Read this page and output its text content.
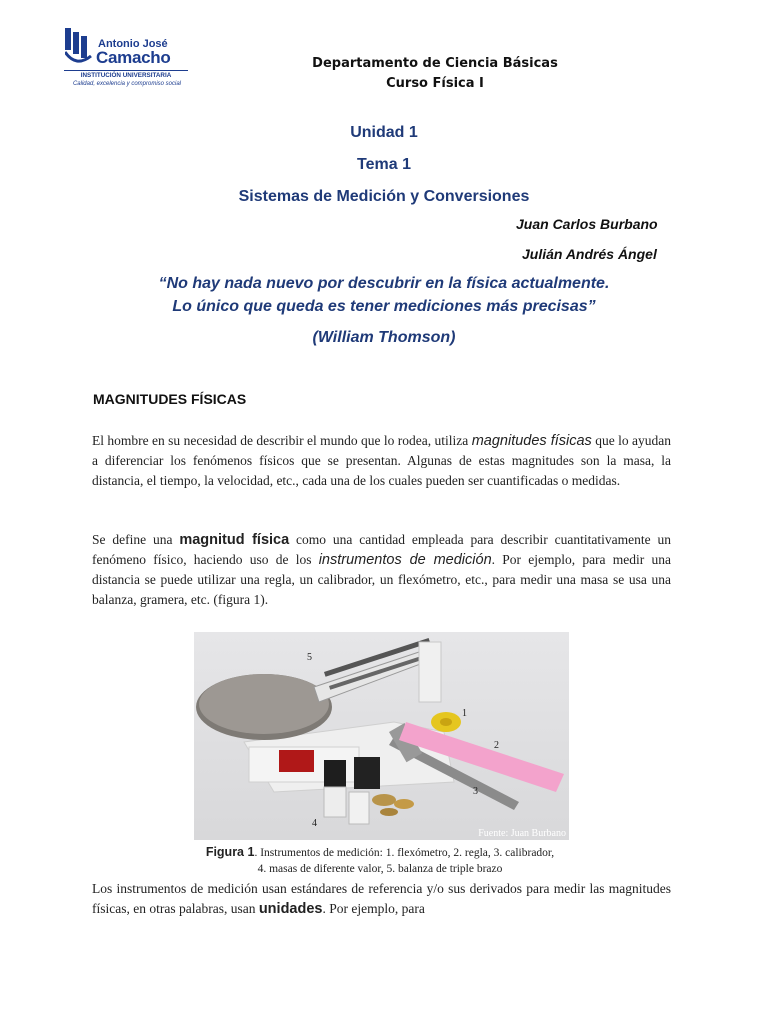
Antonio José
Camacho
INSTITUCIÓN UNIVERSITARIA
Calidad, excelencia y compromiso social
Departamento de Ciencia Básicas
Curso Física I
Unidad 1
Tema 1
Sistemas de Medición y Conversiones
Juan Carlos Burbano
Julián Andrés Ángel
“No hay nada nuevo por descubrir en la física actualmente.
Lo único que queda es tener mediciones más precisas”
(William Thomson)
MAGNITUDES FÍSICAS
El hombre en su necesidad de describir el mundo que lo rodea, utiliza magnitudes físicas que lo ayudan a diferenciar los fenómenos físicos que se presentan. Algunas de estas magnitudes son la masa, la distancia, el tiempo, la velocidad, etc., cada una de los cuales pueden ser cuantificadas o medidas.
Se define una magnitud física como una cantidad empleada para describir cuantitativamente un fenómeno físico, haciendo uso de los instrumentos de medición. Por ejemplo, para medir una distancia se puede utilizar una regla, un calibrador, un flexómetro, etc., para medir una masa se usa una balanza, gramera, etc. (figura 1).
5
1
2
3
4
Fuente: Juan Burbano
Figura 1. Instrumentos de medición: 1. flexómetro, 2. regla, 3. calibrador,
4. masas de diferente valor, 5. balanza de triple brazo
Los instrumentos de medición usan estándares de referencia y/o sus derivados para medir las magnitudes físicas, en otras palabras, usan unidades. Por ejemplo, para
